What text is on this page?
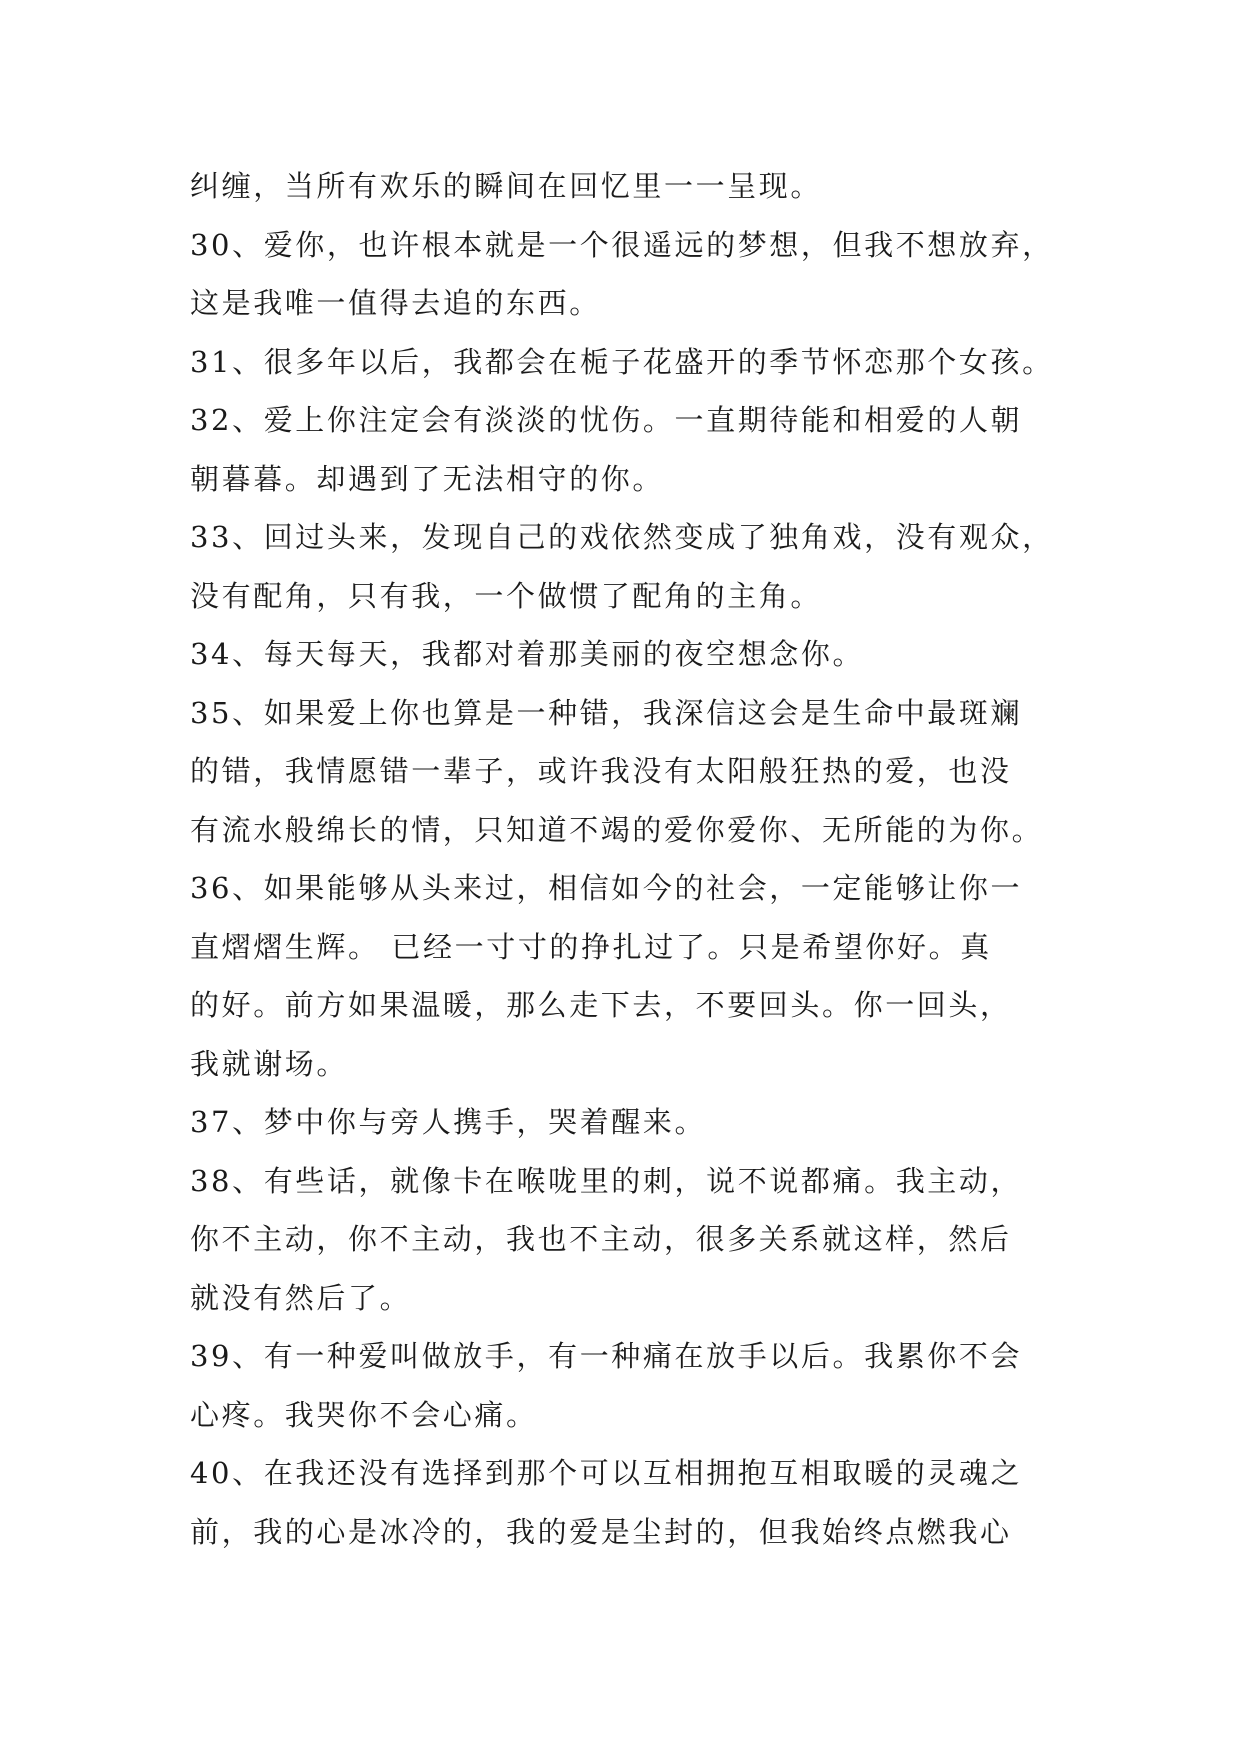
纠缠，当所有欢乐的瞬间在回忆里一一呈现。
30、爱你，也许根本就是一个很遥远的梦想，但我不想放弃，
这是我唯一值得去追的东西。
31、很多年以后，我都会在栀子花盛开的季节怀恋那个女孩。
32、爱上你注定会有淡淡的忧伤。一直期待能和相爱的人朝
朝暮暮。却遇到了无法相守的你。
33、回过头来，发现自己的戏依然变成了独角戏，没有观众，
没有配角，只有我，一个做惯了配角的主角。
34、每天每天，我都对着那美丽的夜空想念你。
35、如果爱上你也算是一种错，我深信这会是生命中最斑斓
的错，我情愿错一辈子，或许我没有太阳般狂热的爱，也没
有流水般绵长的情，只知道不竭的爱你爱你、无所能的为你。
36、如果能够从头来过，相信如今的社会，一定能够让你一
直熠熠生辉。 已经一寸寸的挣扎过了。只是希望你好。真
的好。前方如果温暖，那么走下去，不要回头。你一回头，
我就谢场。
37、梦中你与旁人携手，哭着醒来。
38、有些话，就像卡在喉咙里的刺，说不说都痛。我主动，
你不主动，你不主动，我也不主动，很多关系就这样，然后
就没有然后了。
39、有一种爱叫做放手，有一种痛在放手以后。我累你不会
心疼。我哭你不会心痛。
40、在我还没有选择到那个可以互相拥抱互相取暖的灵魂之
前，我的心是冰冷的，我的爱是尘封的，但我始终点燃我心
